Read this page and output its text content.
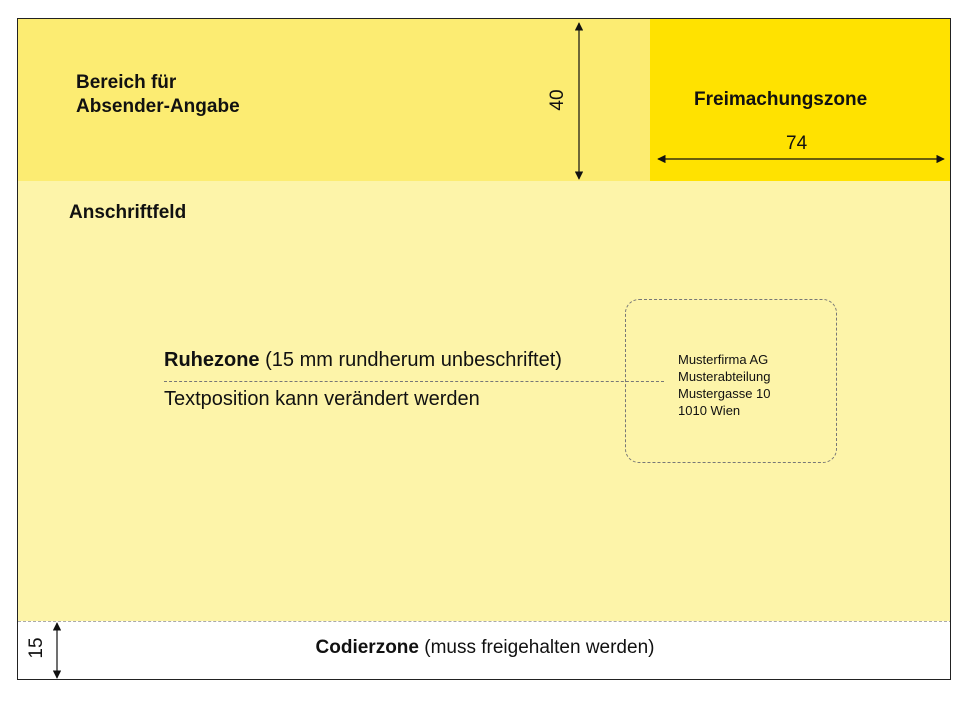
Bereich für
Absender-Angabe	Freimachungszone
74
40
Anschriftfeld
Ruhezone (15 mm rundherum unbeschriftet)
Textposition kann verändert werden
Musterfirma AG
Musterabteilung
Mustergasse 10
1010 Wien
Codierzone (muss freigehalten werden)
15
